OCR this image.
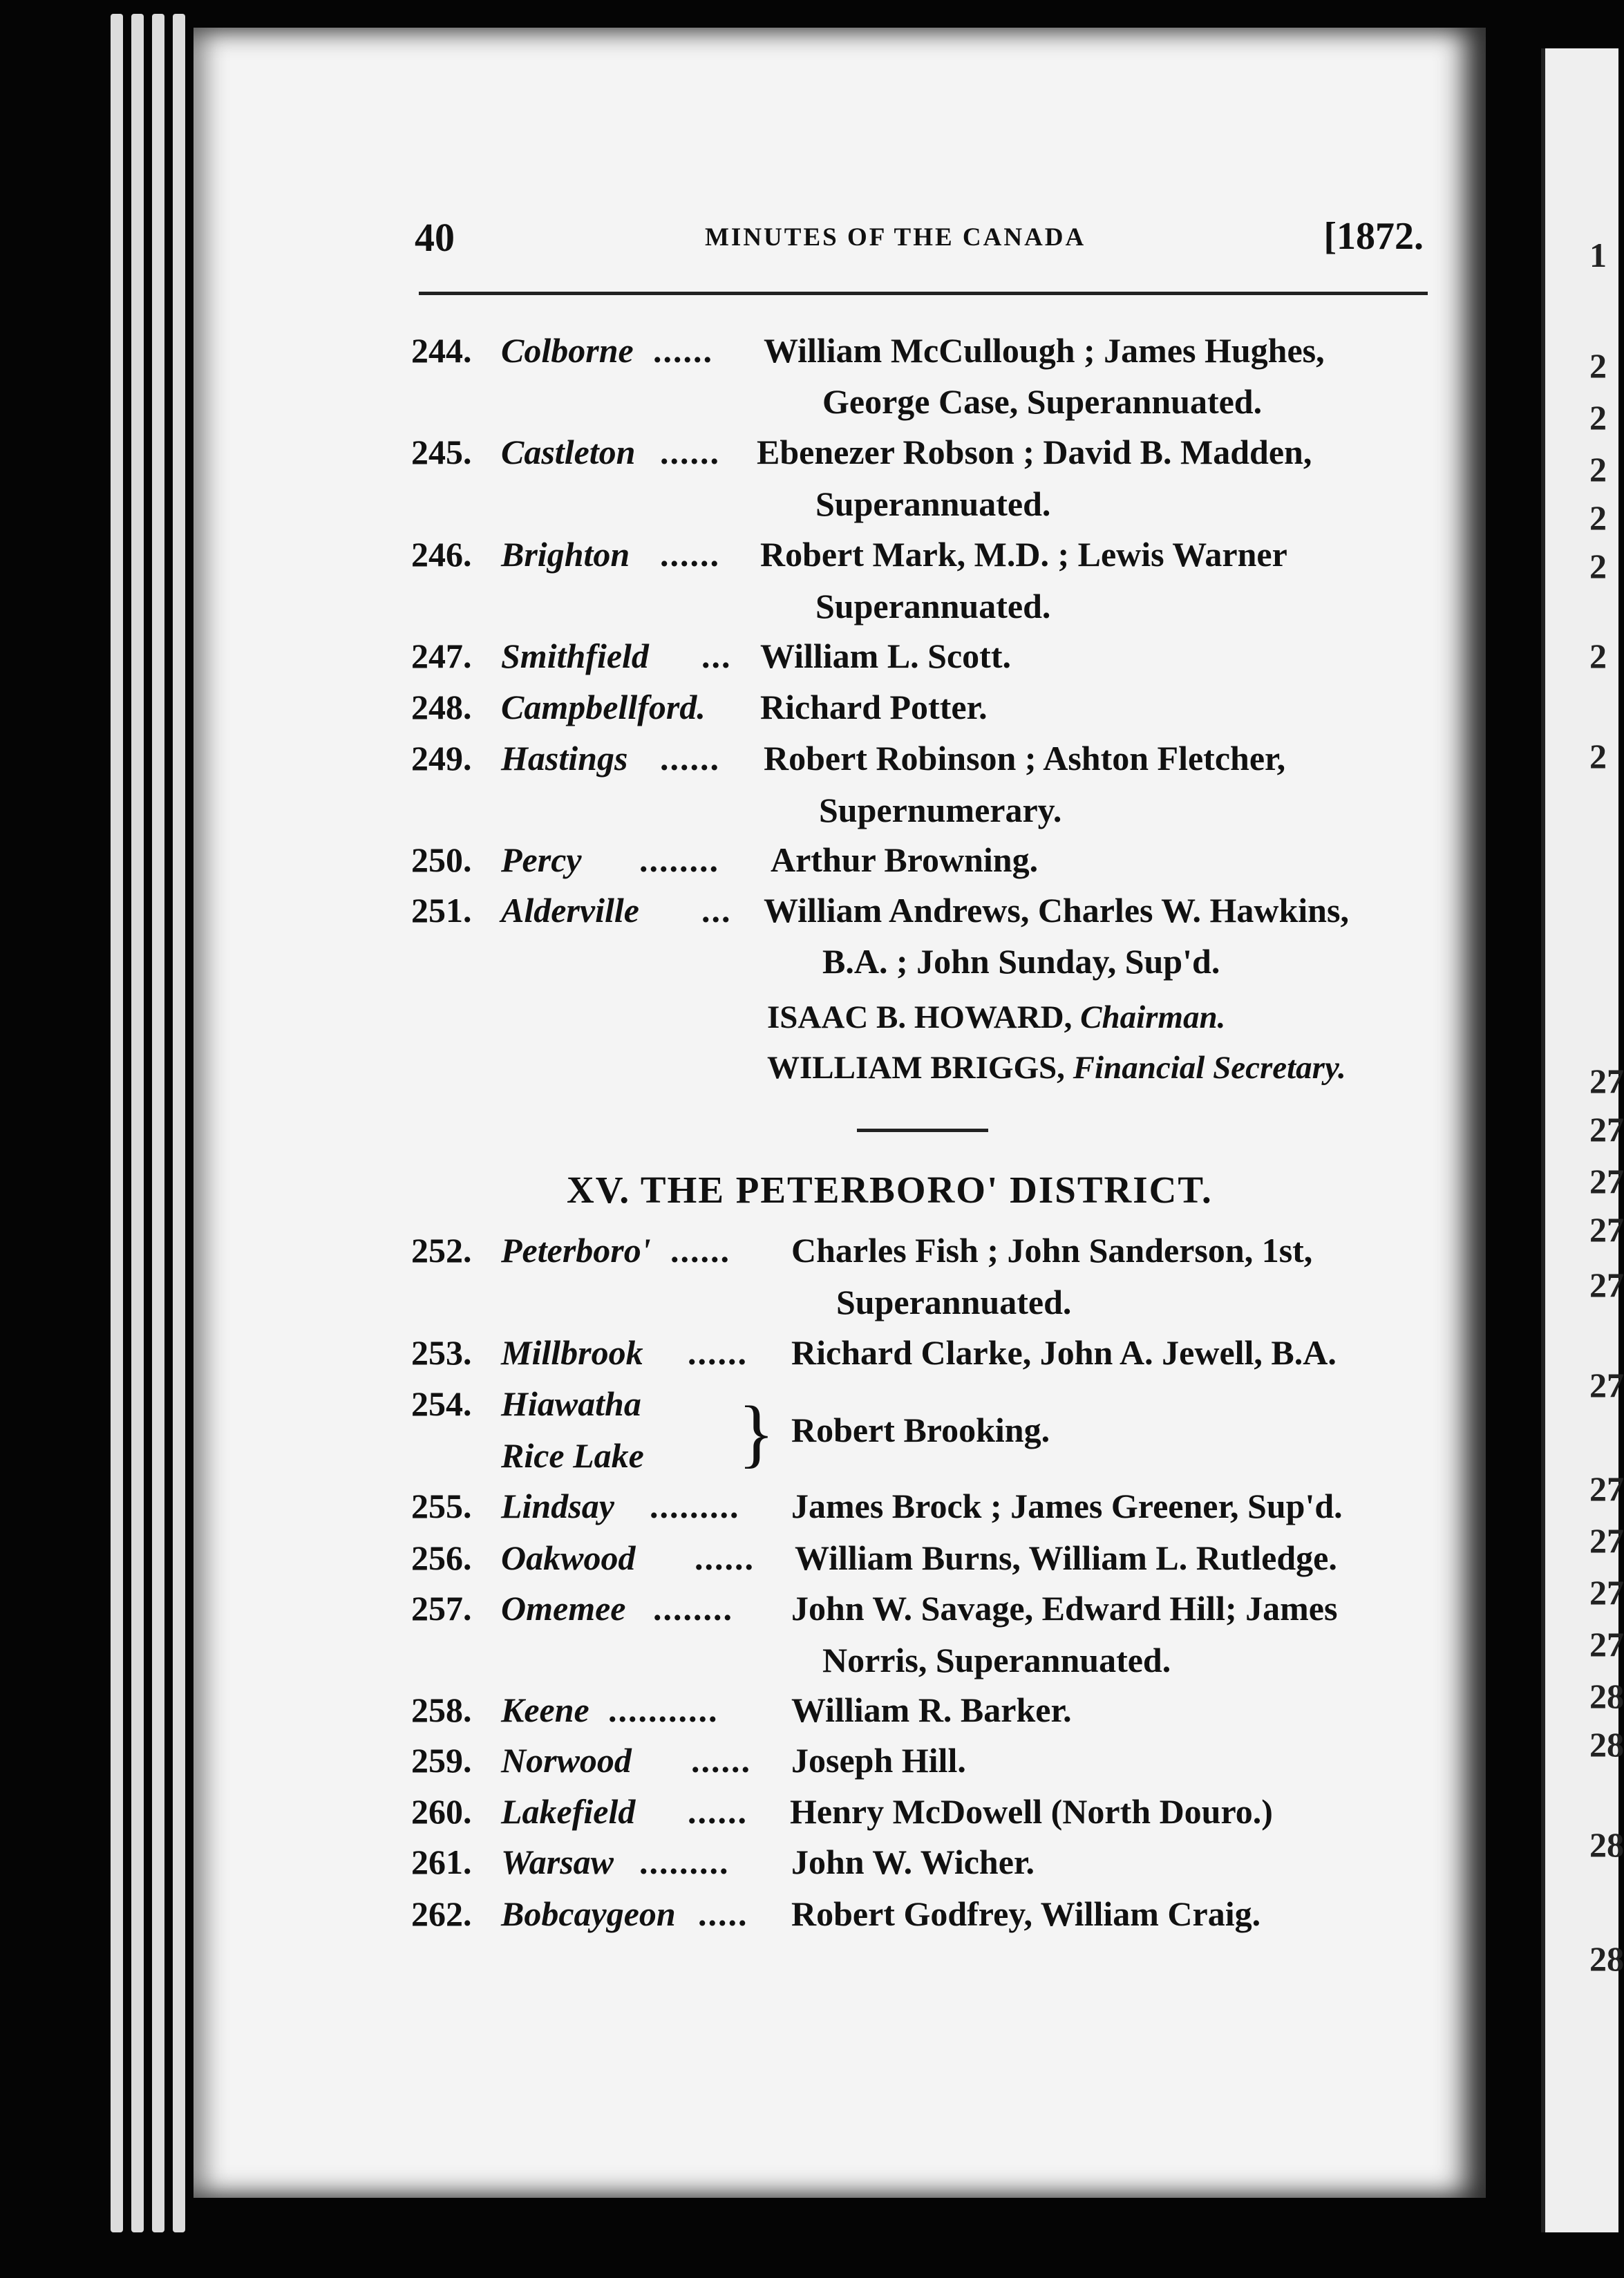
1
2
2
2
2
2
2
2
27
27
27
27
27
27
27
27
27
27
28
28
28
28
40	MINUTES OF THE CANADA	[1872.
244. Colborne ...... William McCullough ; James Hughes,
George Case, Superannuated.
245. Castleton ...... Ebenezer Robson ; David B. Madden,
Superannuated.
246. Brighton ...... Robert Mark, M.D. ; Lewis Warner
Superannuated.
247. Smithfield ... William L. Scott.
248. Campbellford. Richard Potter.
249. Hastings ...... Robert Robinson ; Ashton Fletcher,
Supernumerary.
250. Percy ........ Arthur Browning.
251. Alderville ... William Andrews, Charles W. Hawkins,
B.A. ; John Sunday, Sup'd.
ISAAC B. HOWARD, Chairman.
WILLIAM BRIGGS, Financial Secretary.
XV. THE PETERBORO' DISTRICT.
252. Peterboro' ...... Charles Fish ; John Sanderson, 1st,
Superannuated.
253. Millbrook ...... Richard Clarke, John A. Jewell, B.A.
254. Hiawatha
Rice Lake } Robert Brooking.
255. Lindsay ......... James Brock ; James Greener, Sup'd.
256. Oakwood ...... William Burns, William L. Rutledge.
257. Omemee ........ John W. Savage, Edward Hill; James
Norris, Superannuated.
258. Keene ........... William R. Barker.
259. Norwood ...... Joseph Hill.
260. Lakefield ...... Henry McDowell (North Douro.)
261. Warsaw ......... John W. Wicher.
262. Bobcaygeon ..... Robert Godfrey, William Craig.
